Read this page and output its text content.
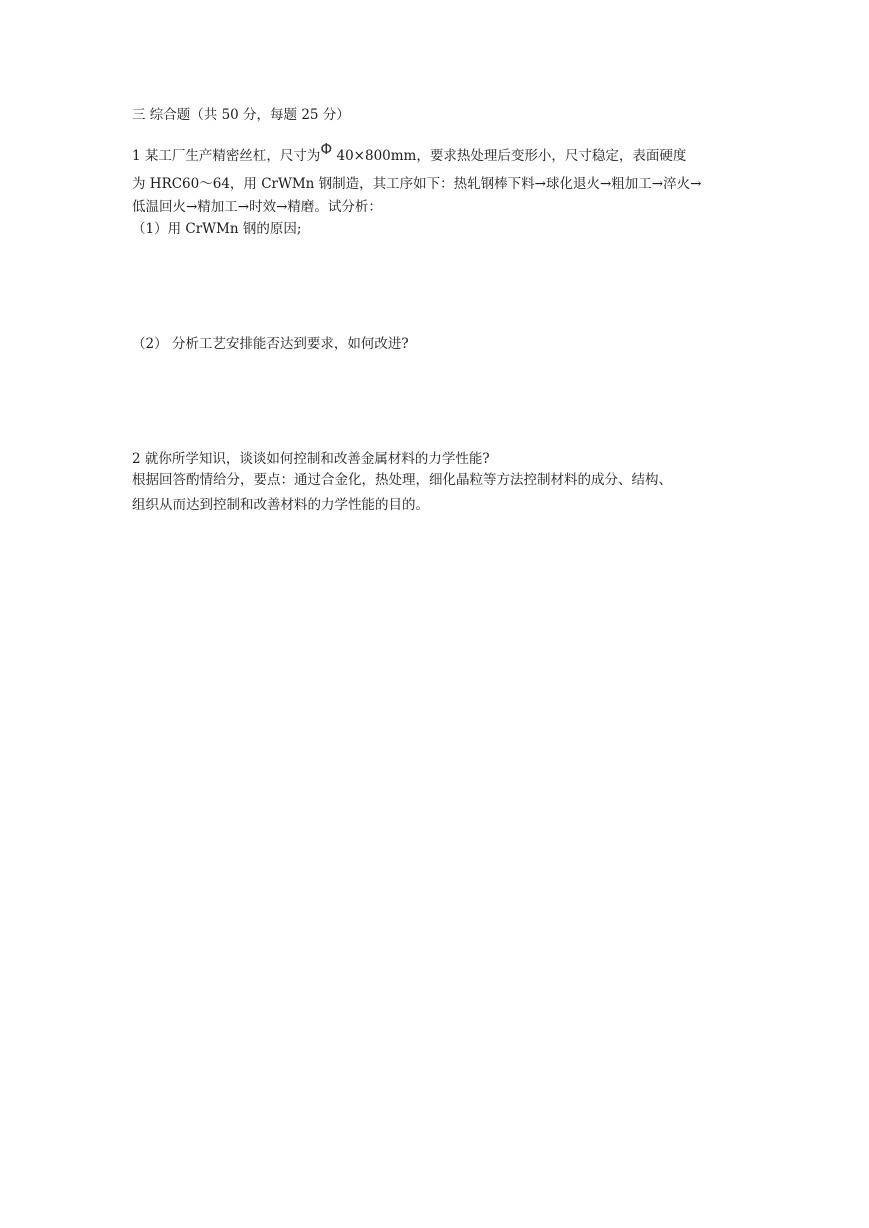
三 综合题（共 50 分，每题 25 分）
1 某工厂生产精密丝杠，尺寸为Φ 40×800mm，要求热处理后变形小，尺寸稳定，表面硬度
为 HRC60～64，用 CrWMn 钢制造，其工序如下：热轧钢棒下料→球化退火→粗加工→淬火→
低温回火→精加工→时效→精磨。试分析：
（1）用 CrWMn 钢的原因;
（2） 分析工艺安排能否达到要求，如何改进?
2 就你所学知识，谈谈如何控制和改善金属材料的力学性能?
根据回答酌情给分，要点：通过合金化，热处理，细化晶粒等方法控制材料的成分、结构、
组织从而达到控制和改善材料的力学性能的目的。
